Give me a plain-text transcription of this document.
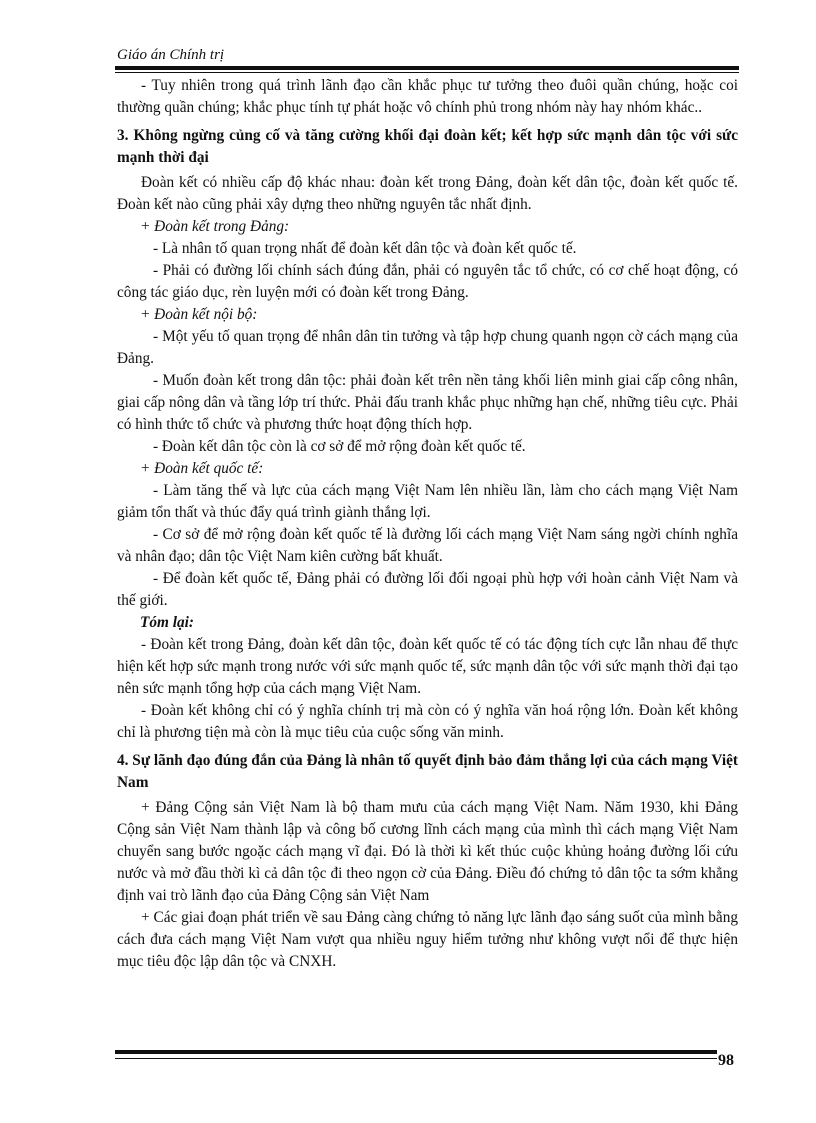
Giáo án Chính trị

- Tuy nhiên trong quá trình lãnh đạo cần khắc phục tư tưởng theo đuôi quần chúng, hoặc coi thường quần chúng; khắc phục tính tự phát hoặc vô chính phủ trong nhóm này hay nhóm khác..

3. Không ngừng củng cố và tăng cường khối đại đoàn kết; kết hợp sức mạnh dân tộc với sức mạnh thời đại

Đoàn kết có nhiều cấp độ khác nhau: đoàn kết trong Đảng, đoàn kết dân tộc, đoàn kết quốc tế. Đoàn kết nào cũng phải xây dựng theo những nguyên tắc nhất định.

+ Đoàn kết trong Đảng:

- Là nhân tố quan trọng nhất để đoàn kết dân tộc và đoàn kết quốc tế.

- Phải có đường lối chính sách đúng đắn, phải có nguyên tắc tổ chức, có cơ chế hoạt động, có công tác giáo dục, rèn luyện mới có đoàn kết trong Đảng.

+ Đoàn kết nội bộ:

- Một yếu tố quan trọng để nhân dân tin tưởng và tập hợp chung quanh ngọn cờ cách mạng của Đảng.

- Muốn đoàn kết trong dân tộc: phải đoàn kết trên nền tảng khối liên minh giai cấp công nhân, giai cấp nông dân và tầng lớp trí thức. Phải đấu tranh khắc phục những hạn chế, những tiêu cực. Phải có hình thức tổ chức và phương thức hoạt động thích hợp.

- Đoàn kết dân tộc còn là cơ sở để mở rộng đoàn kết quốc tế.

+ Đoàn kết quốc tế:

- Làm tăng thế và lực của cách mạng Việt Nam lên nhiều lần, làm cho cách mạng Việt Nam giảm tổn thất và thúc đẩy quá trình giành thắng lợi.

- Cơ sở để mở rộng đoàn kết quốc tế là đường lối cách mạng Việt Nam sáng ngời chính nghĩa và nhân đạo; dân tộc Việt Nam kiên cường bất khuất.

- Để đoàn kết quốc tế, Đảng phải có đường lối đối ngoại phù hợp với hoàn cảnh Việt Nam và thế giới.

Tóm lại:

- Đoàn kết trong Đảng, đoàn kết dân tộc, đoàn kết quốc tế có tác động tích cực lẫn nhau để thực hiện kết hợp sức mạnh trong nước với sức mạnh quốc tế, sức mạnh dân tộc với sức mạnh thời đại tạo nên sức mạnh tổng hợp của cách mạng Việt Nam.

- Đoàn kết không chỉ có ý nghĩa chính trị mà còn có ý nghĩa văn hoá rộng lớn. Đoàn kết không chỉ là phương tiện mà còn là mục tiêu của cuộc sống văn minh.

4. Sự lãnh đạo đúng đắn của Đảng là nhân tố quyết định bảo đảm thắng lợi của cách mạng Việt Nam

+ Đảng Cộng sản Việt Nam là bộ tham mưu của cách mạng Việt Nam. Năm 1930, khi Đảng Cộng sản Việt Nam thành lập và công bố cương lĩnh cách mạng của mình thì cách mạng Việt Nam chuyển sang bước ngoặc cách mạng vĩ đại. Đó là thời kì kết thúc cuộc khủng hoảng đường lối cứu nước và mở đầu thời kì cả dân tộc đi theo ngọn cờ của Đảng. Điều đó chứng tỏ dân tộc ta sớm khẳng định vai trò lãnh đạo của Đảng Cộng sản Việt Nam

+ Các giai đoạn phát triển về sau Đảng càng chứng tỏ năng lực lãnh đạo sáng suốt của mình bằng cách đưa cách mạng Việt Nam vượt qua nhiều nguy hiểm tưởng như không vượt nổi để thực hiện mục tiêu độc lập dân tộc và CNXH.

98
